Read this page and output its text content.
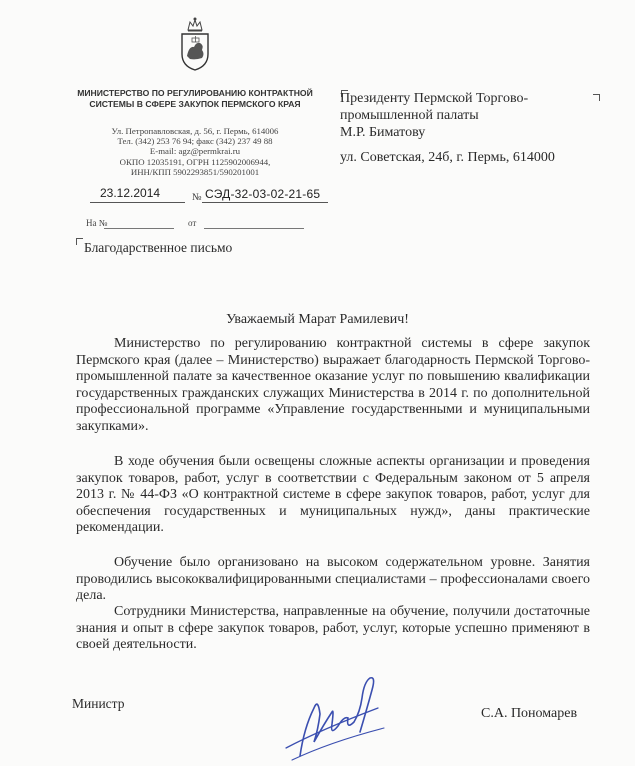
МИНИСТЕРСТВО ПО РЕГУЛИРОВАНИЮ КОНТРАКТНОЙ СИСТЕМЫ В СФЕРЕ ЗАКУПОК ПЕРМСКОГО КРАЯ
Ул. Петропавловская, д. 56, г. Пермь, 614006
Тел. (342) 253 76 94; факс (342) 237 49 88
E-mail: agz@permkrai.ru
ОКПО 12035191, ОГРН 1125902006944,
ИНН/КПП 5902293851/590201001
23.12.2014	№ СЭД-32-03-02-21-65
На №	от
Благодарственное письмо
Президенту Пермской Торгово-
промышленной палаты
М.Р. Биматову
ул. Советская, 24б, г. Пермь, 614000
Уважаемый Марат Рамилевич!

Министерство по регулированию контрактной системы в сфере закупок Пермского края (далее – Министерство) выражает благодарность Пермской Торгово-промышленной палате за качественное оказание услуг по повышению квалификации государственных гражданских служащих Министерства в 2014 г. по дополнительной профессиональной программе «Управление государственными и муниципальными закупками».

В ходе обучения были освещены сложные аспекты организации и проведения закупок товаров, работ, услуг в соответствии с Федеральным законом от 5 апреля 2013 г. № 44-ФЗ «О контрактной системе в сфере закупок товаров, работ, услуг для обеспечения государственных и муниципальных нужд», даны практические рекомендации.

Обучение было организовано на высоком содержательном уровне. Занятия проводились высококвалифицированными специалистами – профессионалами своего дела.

Сотрудники Министерства, направленные на обучение, получили достаточные знания и опыт в сфере закупок товаров, работ, услуг, которые успешно применяют в своей деятельности.

Министр
С.А. Пономарев
